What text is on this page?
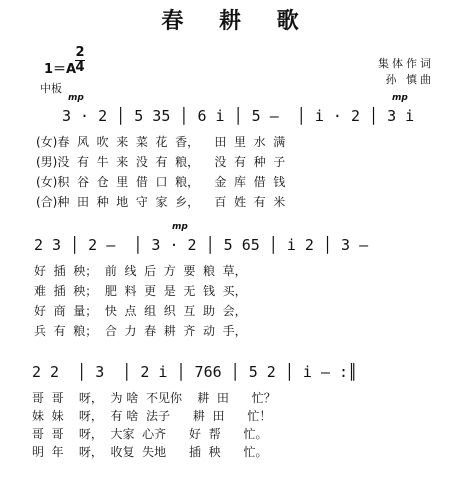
春 耕 歌
1＝A
2
4
中板
集体作词
孙 慎曲
mp	mp
3 · 2 │ 5 35 │ 6 i │ 5 –  │ i · 2 │ 3 i
(女)春  风  吹  来  菜  花  香，    田  里  水  满
(男)没  有  牛  来  没  有  粮，    没  有  种  子
(女)积  谷  仓  里  借  口  粮，    金  库  借  钱
(合)种  田  种  地  守  家  乡，    百  姓  有  米
mp
2 3 │ 2 –  │ 3 · 2 │ 5 65 │ i 2 │ 3 –
好  插  秧；  前  线  后  方  要  粮  草，
难  插  秧；  肥  料  更  是  无  钱  买，
好  商  量；  快  点  组  织  互  助  会，
兵  有  粮；  合  力  春  耕  齐  动  手，
2 2  │ 3  │ 2 i │ 766 │ 5 2 │ i – :║
哥  哥    呀，  为 啥  不见你    耕  田      忙？
妹  妹    呀，  有 啥  法子      耕  田      忙！
哥  哥    呀，  大家  心齐      好  帮      忙。
明  年    呀，  收复  失地      插  秧      忙。
